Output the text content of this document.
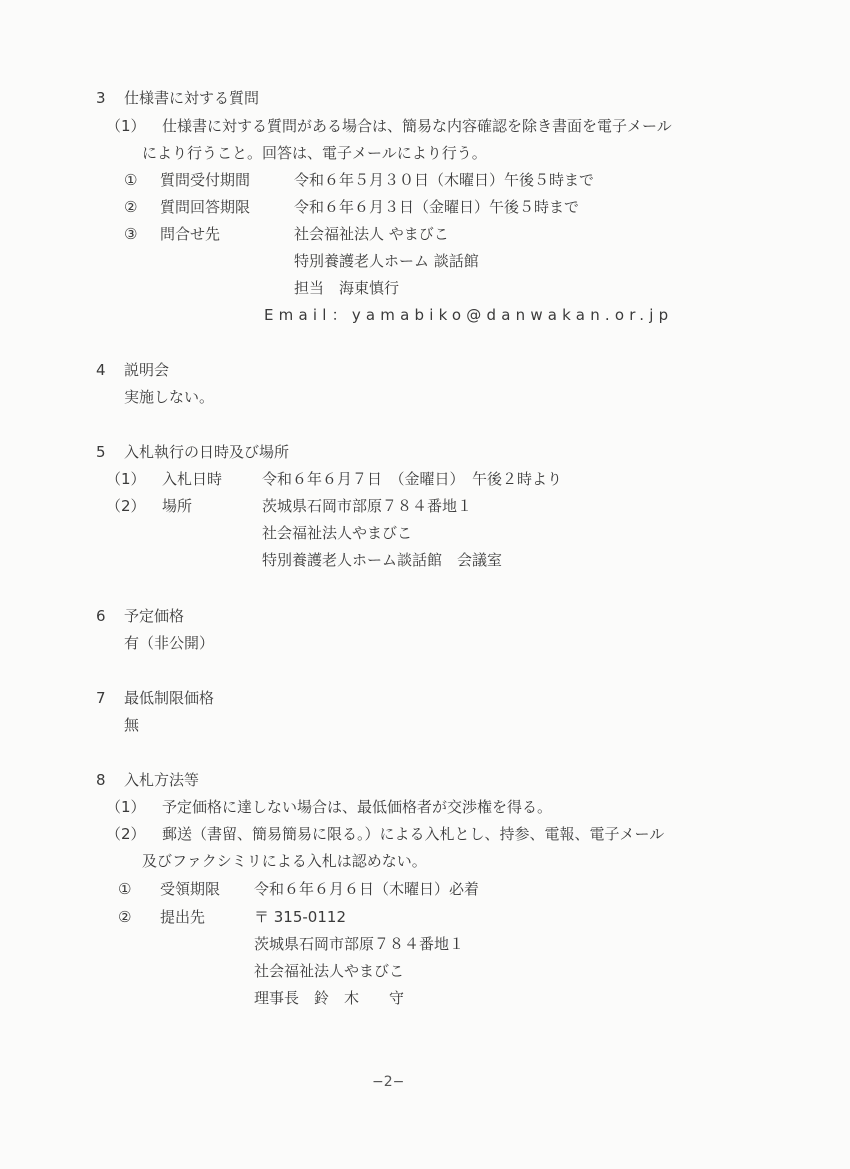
3 仕様書に対する質問
（1） 仕様書に対する質問がある場合は、簡易な内容確認を除き書面を電子メール
により行うこと。回答は、電子メールにより行う。
① 質問受付期間	令和６年５月３０日（木曜日）午後５時まで
② 質問回答期限	令和６年６月３日（金曜日）午後５時まで
③ 問合せ先	社会福祉法人 やまびこ
特別養護老人ホーム 談話館
担当　海東慎行
Email：yamabiko@danwakan.or.jp
4 説明会
実施しない。
5 入札執行の日時及び場所
（1） 入札日時	令和６年６月７日　（金曜日）　午後２時より
（2） 場所	茨城県石岡市部原７８４番地１
社会福祉法人やまびこ
特別養護老人ホーム談話館　会議室
6 予定価格
有（非公開）
7 最低制限価格
無
8 入札方法等
（1） 予定価格に達しない場合は、最低価格者が交渉権を得る。
（2） 郵送（書留、簡易簡易に限る。）による入札とし、持参、電報、電子メール
及びファクシミリによる入札は認めない。
① 受領期限 令和６年６月６日（木曜日）必着
② 提出先	〒 315-0112
茨城県石岡市部原７８４番地１
社会福祉法人やまびこ
理事長　鈴　木　　守
−2−
